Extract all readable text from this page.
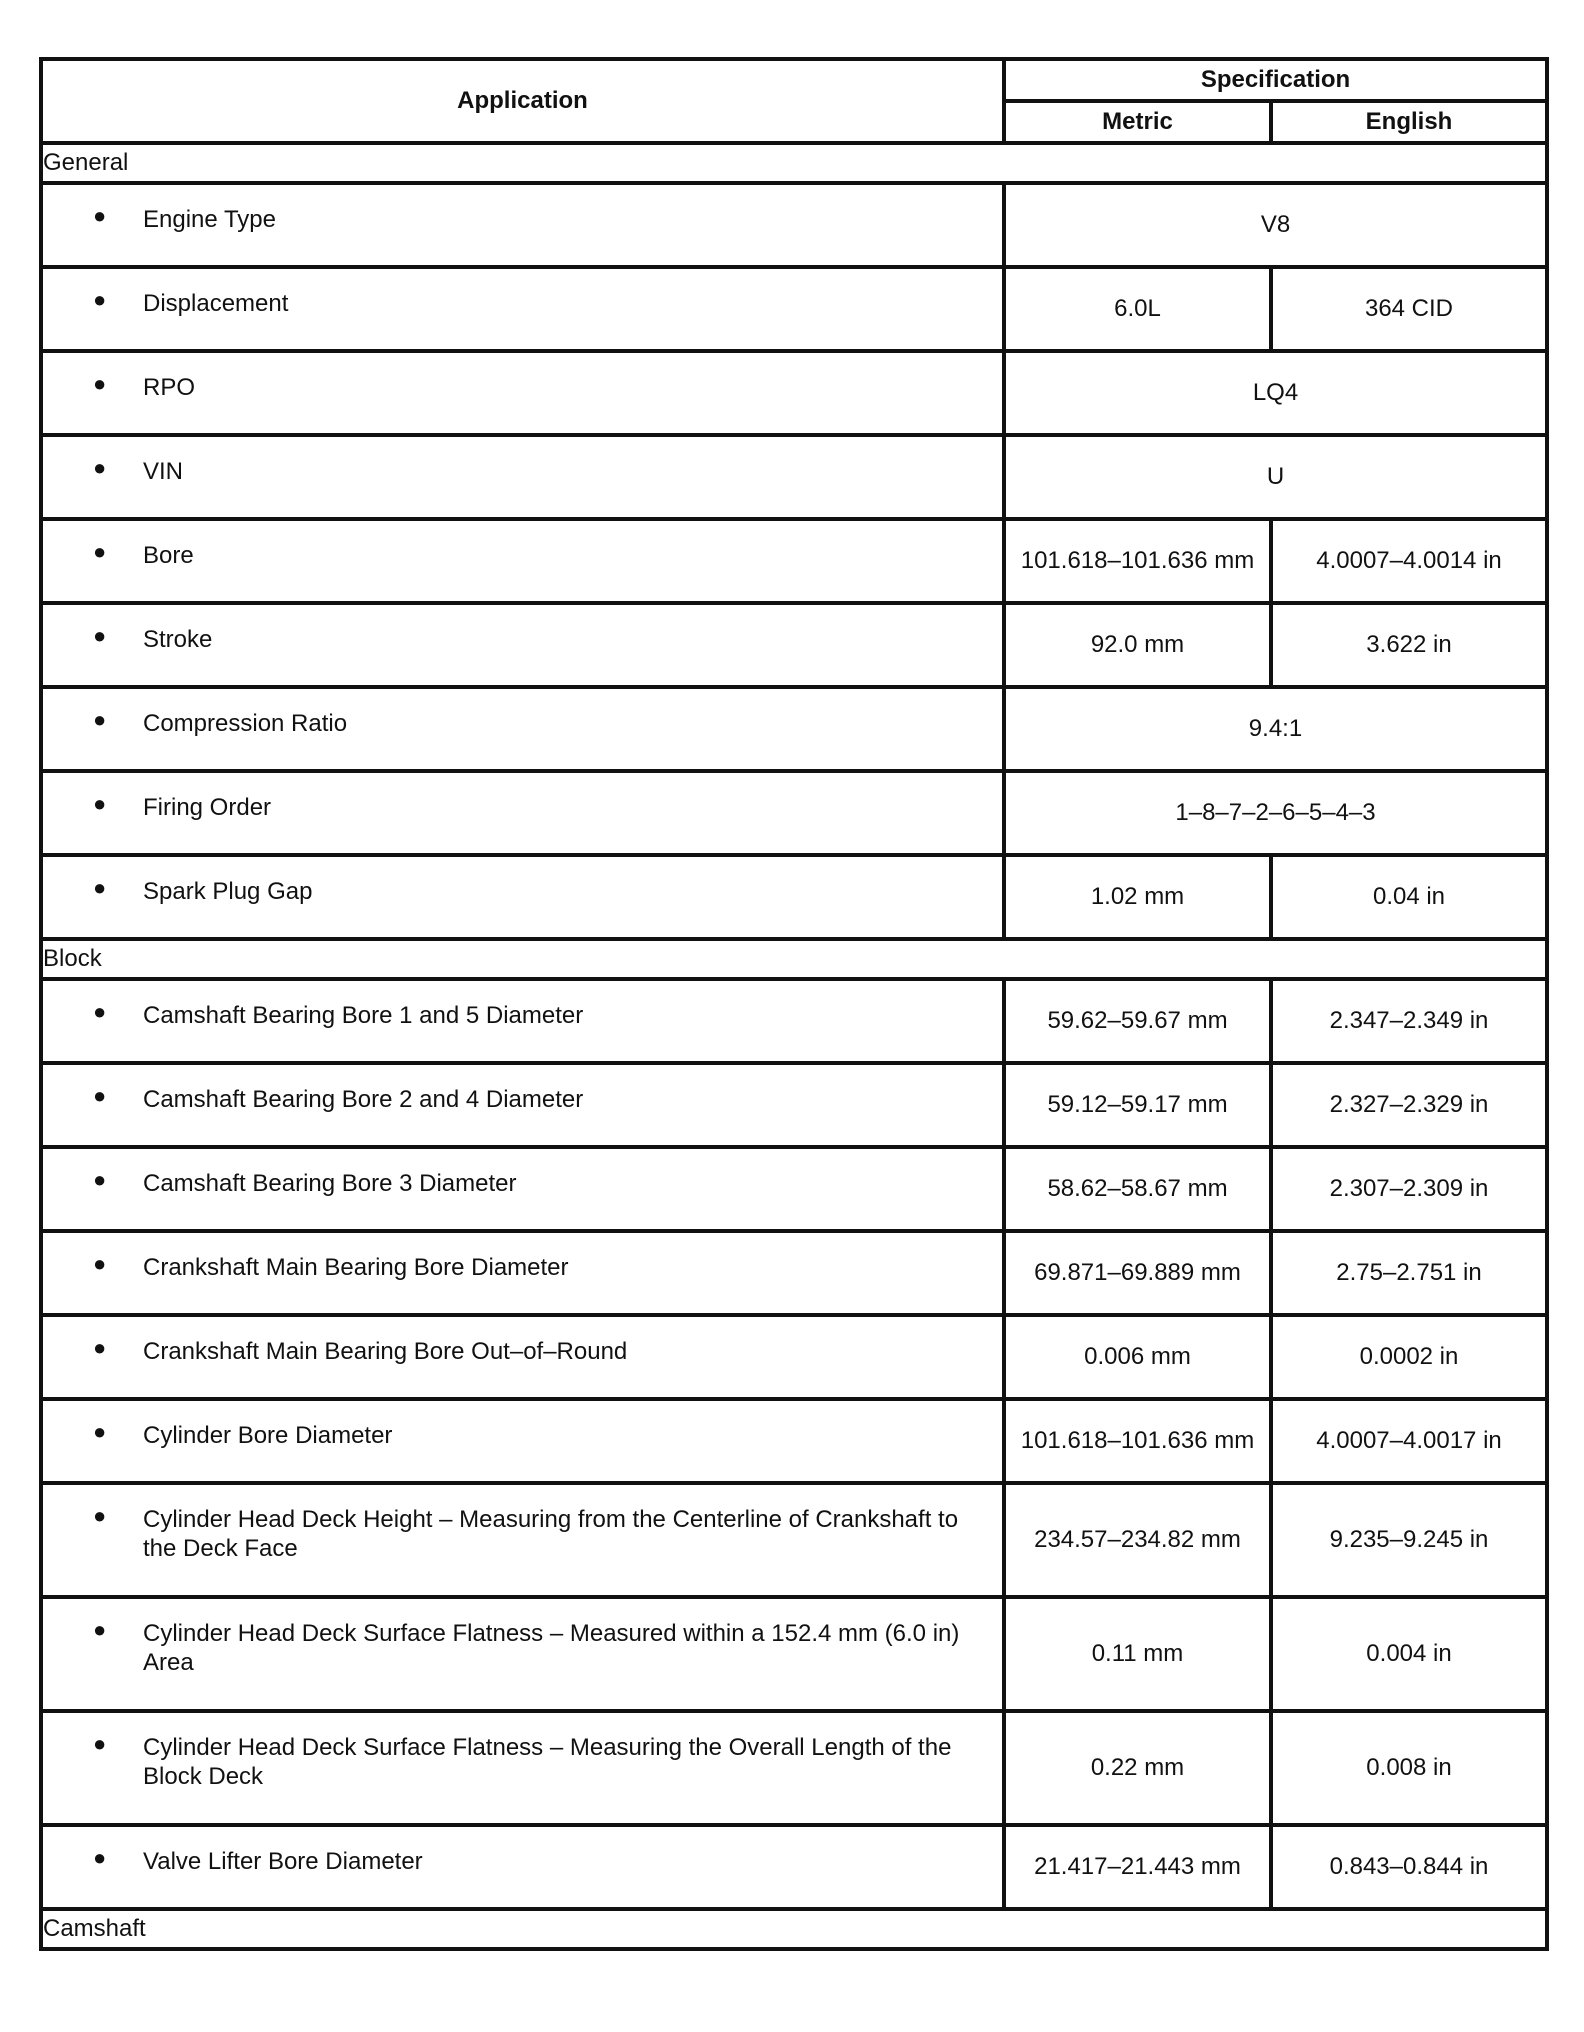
Application	Specification	
	Metric	English
General		

● Engine Type	V8	

● Displacement	6.0L	364 CID

● RPO	LQ4	

● VIN	U	

● Bore	101.618–101.636 mm	4.0007–4.0014 in

● Stroke	92.0 mm	3.622 in

● Compression Ratio	9.4:1	

● Firing Order	1–8–7–2–6–5–4–3	

● Spark Plug Gap	1.02 mm	0.04 in
Block		

● Camshaft Bearing Bore 1 and 5 Diameter	59.62–59.67 mm	2.347–2.349 in

● Camshaft Bearing Bore 2 and 4 Diameter	59.12–59.17 mm	2.327–2.329 in

● Camshaft Bearing Bore 3 Diameter	58.62–58.67 mm	2.307–2.309 in

● Crankshaft Main Bearing Bore Diameter	69.871–69.889 mm	2.75–2.751 in

● Crankshaft Main Bearing Bore Out–of–Round	0.006 mm	0.0002 in

● Cylinder Bore Diameter	101.618–101.636 mm	4.0007–4.0017 in

● Cylinder Head Deck Height – Measuring from the Centerline of Crankshaft to the Deck Face	234.57–234.82 mm	9.235–9.245 in

● Cylinder Head Deck Surface Flatness – Measured within a 152.4 mm (6.0 in) Area	0.11 mm	0.004 in

● Cylinder Head Deck Surface Flatness – Measuring the Overall Length of the Block Deck	0.22 mm	0.008 in

● Valve Lifter Bore Diameter	21.417–21.443 mm	0.843–0.844 in
Camshaft		
